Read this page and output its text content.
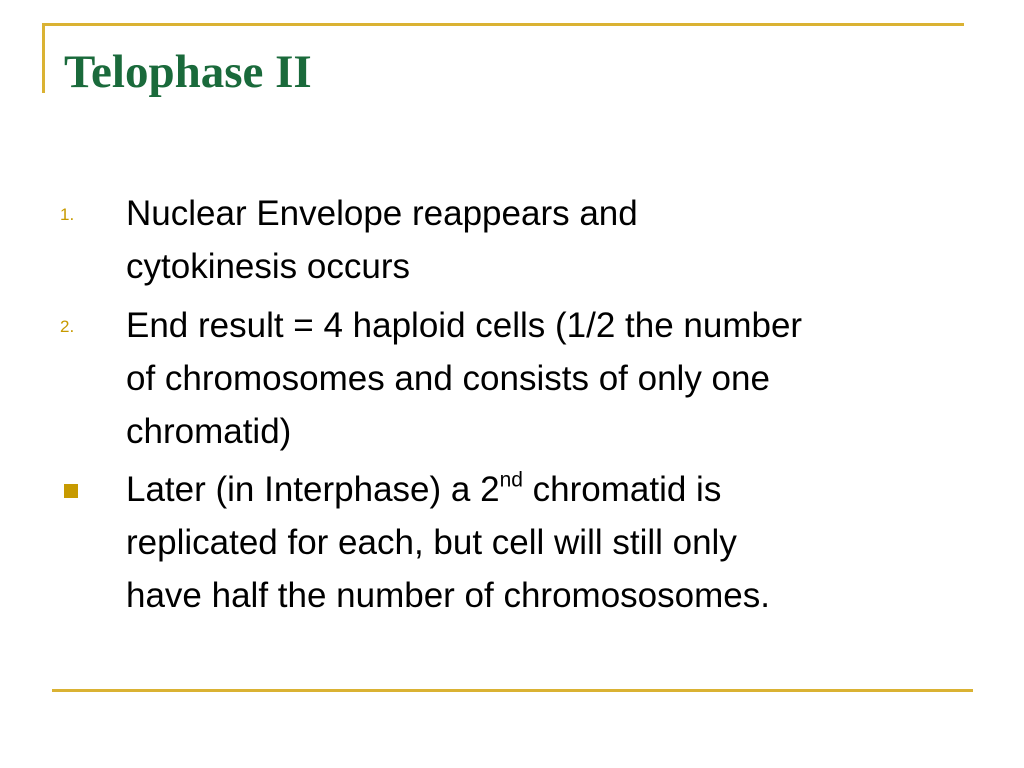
Telophase II
1. Nuclear Envelope reappears and
cytokinesis occurs
2. End result = 4 haploid cells (1/2 the number
of chromosomes and consists of only one
chromatid)
Later (in Interphase) a 2nd chromatid is
replicated for each, but cell will still only
have half the number of chromososomes.
